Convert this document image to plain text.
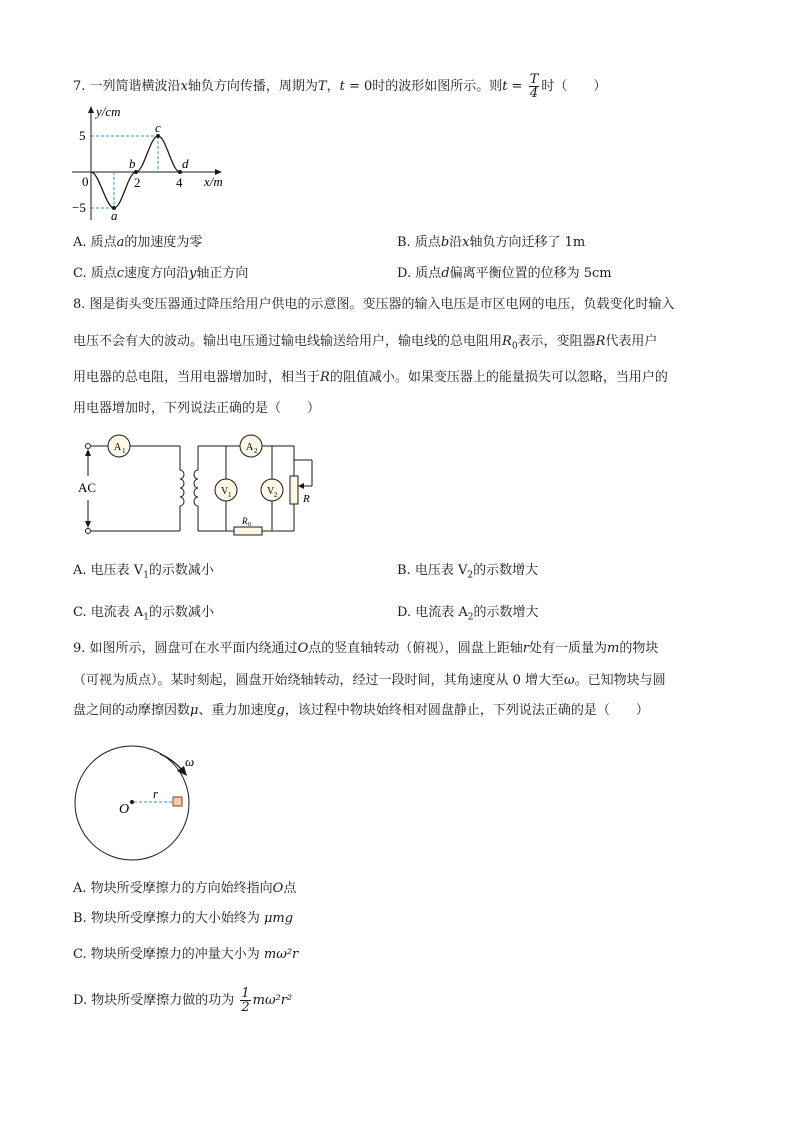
7. 一列简谐横波沿x轴负方向传播，周期为T，t = 0时的波形如图所示。则$t = \frac{T}{4}$ 时（　　）
y/cm
x/m
5
−5
0	2	4
a
b
c
d
A. 质点a的加速度为零	B. 质点b沿x轴负方向迁移了 1m
C. 质点c速度方向沿y轴正方向	D. 质点d偏离平衡位置的位移为 5cm
8. 图是街头变压器通过降压给用户供电的示意图。变压器的输入电压是市区电网的电压，负载变化时输入
电压不会有大的波动。输出电压通过输电线输送给用户，输电线的总电阻用$R_0$表示，变阻器R代表用户
用电器的总电阻，当用电器增加时，相当于R的阻值减小。如果变压器上的能量损失可以忽略，当用户的
用电器增加时，下列说法正确的是（　　）
AC
A 1	A 2
V 1	V 2 R
R 0
A. 电压表 $V_1$的示数减小	B. 电压表 $V_2$的示数增大
C. 电流表 $A_1$的示数减小	D. 电流表 $A_2$的示数增大
9. 如图所示，圆盘可在水平面内绕通过O点的竖直轴转动（俯视），圆盘上距轴r处有一质量为m的物块
（可视为质点）。某时刻起，圆盘开始绕轴转动，经过一段时间，其角速度从 0 增大至ω。已知物块与圆
盘之间的动摩擦因数μ、重力加速度g，该过程中物块始终相对圆盘静止，下列说法正确的是（　　）
ω
O
r
A. 物块所受摩擦力的方向始终指向O点
B. 物块所受摩擦力的大小始终为 μmg
C. 物块所受摩擦力的冲量大小为 mω²r
D. 物块所受摩擦力做的功为 $\frac{1}{2} m\omega^2r^2$
